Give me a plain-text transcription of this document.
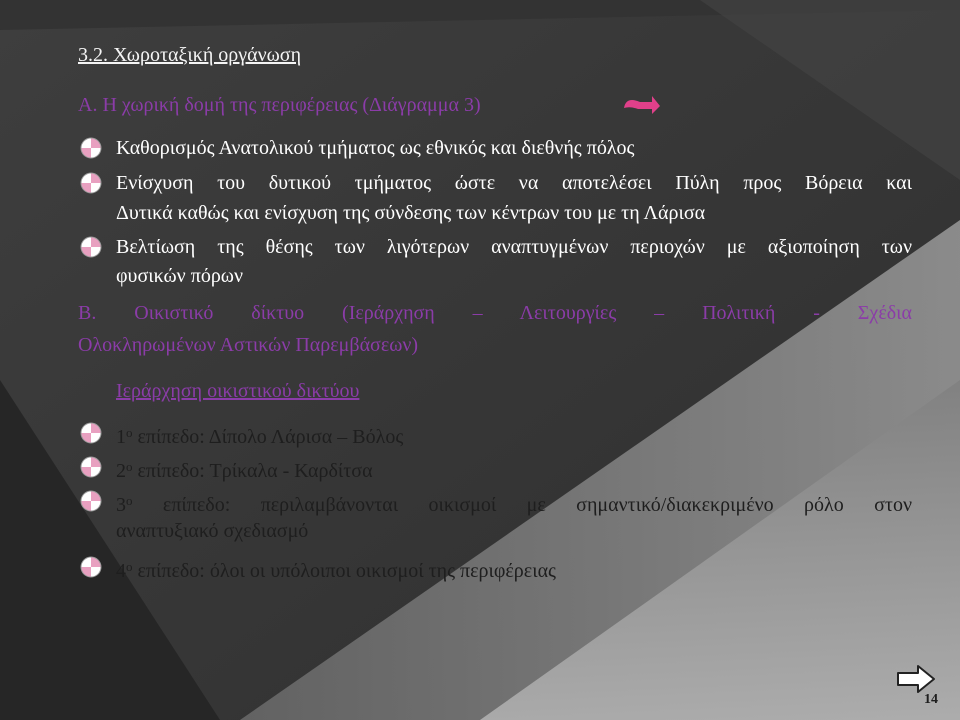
3.2. Χωροταξική οργάνωση
Α. Η χωρική δομή της περιφέρειας (Διάγραμμα 3)
Καθορισμός Ανατολικού τμήματος ως εθνικός και διεθνής πόλος
Ενίσχυση του δυτικού τμήματος ώστε να αποτελέσει Πύλη προς Βόρεια και
Δυτικά καθώς και ενίσχυση της σύνδεσης των κέντρων του με τη Λάρισα
Βελτίωση της θέσης των λιγότερων αναπτυγμένων περιοχών με αξιοποίηση των
φυσικών πόρων
Β. Οικιστικό δίκτυο (Ιεράρχηση – Λειτουργίες – Πολιτική - Σχέδια
Ολοκληρωμένων Αστικών Παρεμβάσεων)
Ιεράρχηση οικιστικού δικτύου
$1^o$ επίπεδο: Δίπολο Λάρισα – Βόλος
$2^o$ επίπεδο: Τρίκαλα - Καρδίτσα
$3^o$ επίπεδο: περιλαμβάνονται οικισμοί με σημαντικό/διακεκριμένο ρόλο στον
αναπτυξιακό σχεδιασμό
$4^o$ επίπεδο: όλοι οι υπόλοιποι οικισμοί της περιφέρειας
14
